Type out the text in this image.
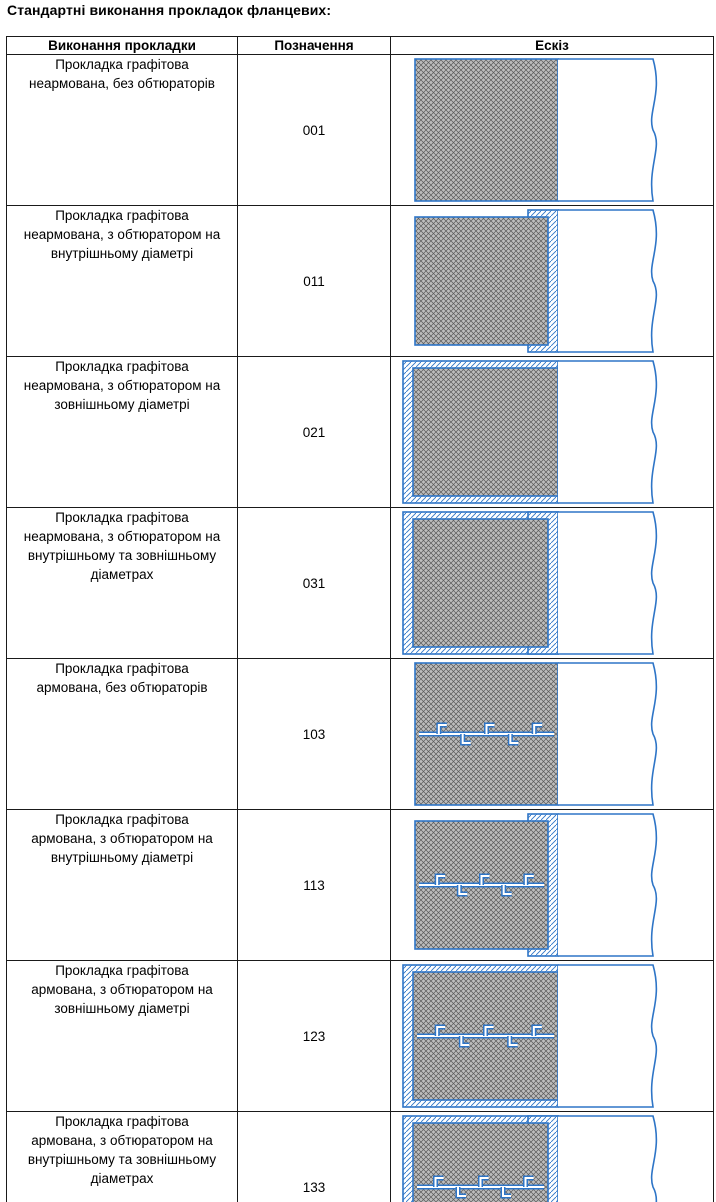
Стандартні виконання прокладок фланцевих:
Виконання прокладки	Позначення	Ескіз

Прокладка графітова
неармована, без обтюраторів	001	

Прокладка графітова
неармована, з обтюратором на
внутрішньому діаметрі	011	

Прокладка графітова
неармована, з обтюратором на
зовнішньому діаметрі	021	

Прокладка графітова
неармована, з обтюратором на
внутрішньому та зовнішньому
діаметрах	031	

Прокладка графітова
армована, без обтюраторів	103	

Прокладка графітова
армована, з обтюратором на
внутрішньому діаметрі	113	

Прокладка графітова
армована, з обтюратором на
зовнішньому діаметрі	123	

Прокладка графітова
армована, з обтюратором на
внутрішньому та зовнішньому
діаметрах	133	
